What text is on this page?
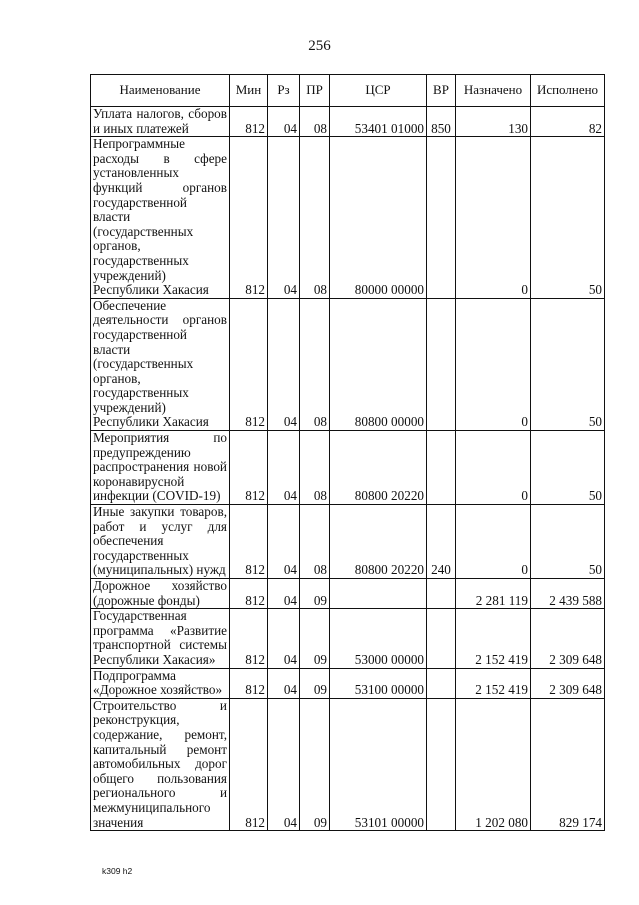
256
Наименование	Мин	Рз	ПР	ЦСР	ВР	Назначено	Исполнено
Уплата налогов, сборов и иных платежей	812	04	08	53401 01000	850	130	82
Непрограммные расходы в сфере установленных функций органов государственной власти (государственных органов, государственных учреждений) Республики Хакасия	812	04	08	80000 00000		0	50
Обеспечение деятельности органов государственной власти (государственных органов, государственных учреждений) Республики Хакасия	812	04	08	80800 00000		0	50
Мероприятия по предупреждению распространения новой коронавирусной инфекции (COVID-19)	812	04	08	80800 20220		0	50
Иные закупки товаров, работ и услуг для обеспечения государственных (муниципальных) нужд	812	04	08	80800 20220	240	0	50
Дорожное хозяйство (дорожные фонды)	812	04	09			2 281 119	2 439 588
Государственная программа «Развитие транспортной системы Республики Хакасия»	812	04	09	53000 00000		2 152 419	2 309 648
Подпрограмма «Дорожное хозяйство»	812	04	09	53100 00000		2 152 419	2 309 648
Строительство и реконструкция, содержание, ремонт, капитальный ремонт автомобильных дорог общего пользования регионального и межмуниципального значения	812	04	09	53101 00000		1 202 080	829 174
k309 h2
